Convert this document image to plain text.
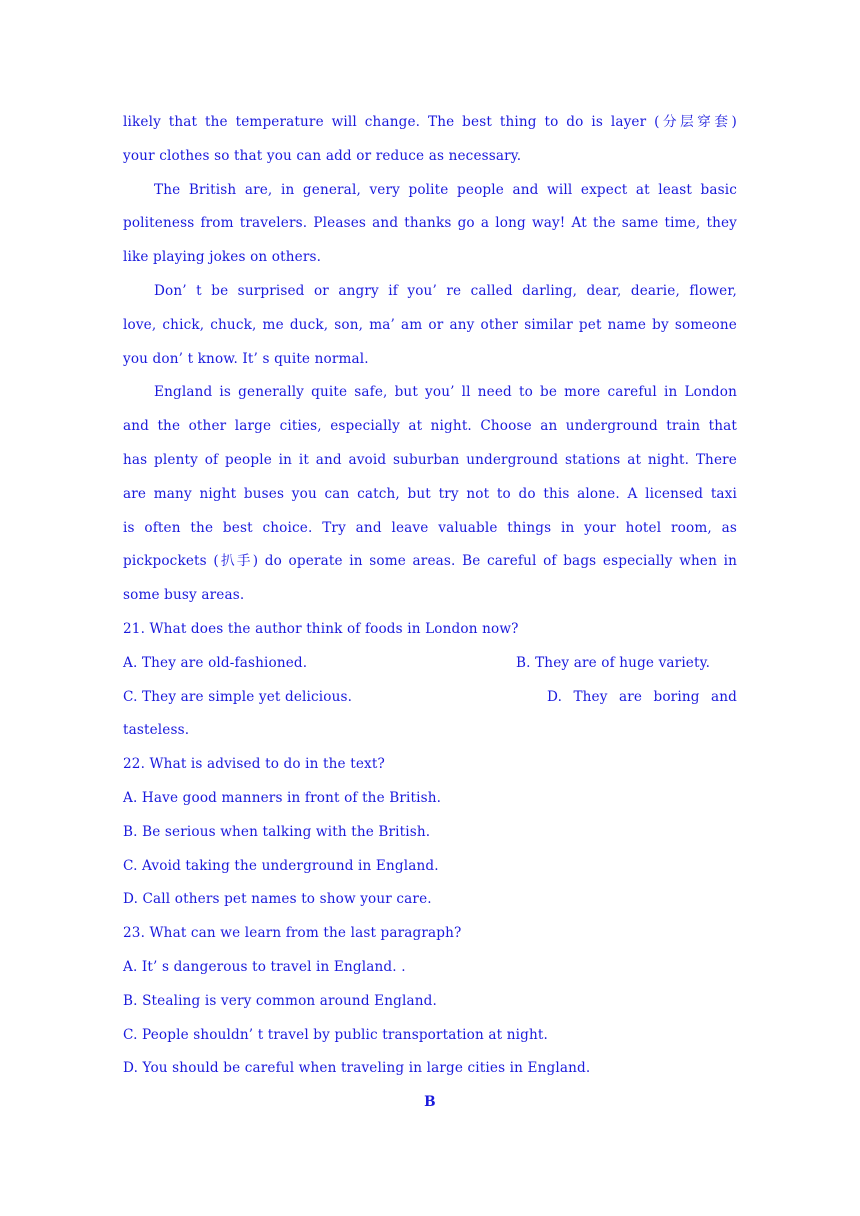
likely that the temperature will change. The best thing to do is layer (分层穿套)
your clothes so that you can add or reduce as necessary.
The British are, in general, very polite people and will expect at least basic
politeness from travelers. Pleases and thanks go a long way! At the same time, they
like playing jokes on others.
Don’ t be surprised or angry if you’ re called darling, dear, dearie, flower,
love, chick, chuck, me duck, son, ma’ am or any other similar pet name by someone
you don’ t know. It’ s quite normal.
England is generally quite safe, but you’ ll need to be more careful in London
and the other large cities, especially at night. Choose an underground train that
has plenty of people in it and avoid suburban underground stations at night. There
are many night buses you can catch, but try not to do this alone. A licensed taxi
is often the best choice. Try and leave valuable things in your hotel room, as
pickpockets (扒手) do operate in some areas. Be careful of bags especially when in
some busy areas.
21. What does the author think of foods in London now?
A. They are old-fashioned.	B. They are of huge variety.
C. They are simple yet delicious.	D. They are boring and
tasteless.
22. What is advised to do in the text?
A. Have good manners in front of the British.
B. Be serious when talking with the British.
C. Avoid taking the underground in England.
D. Call others pet names to show your care.
23. What can we learn from the last paragraph?
A. It’ s dangerous to travel in England. .
B. Stealing is very common around England.
C. People shouldn’ t travel by public transportation at night.
D. You should be careful when traveling in large cities in England.
B
